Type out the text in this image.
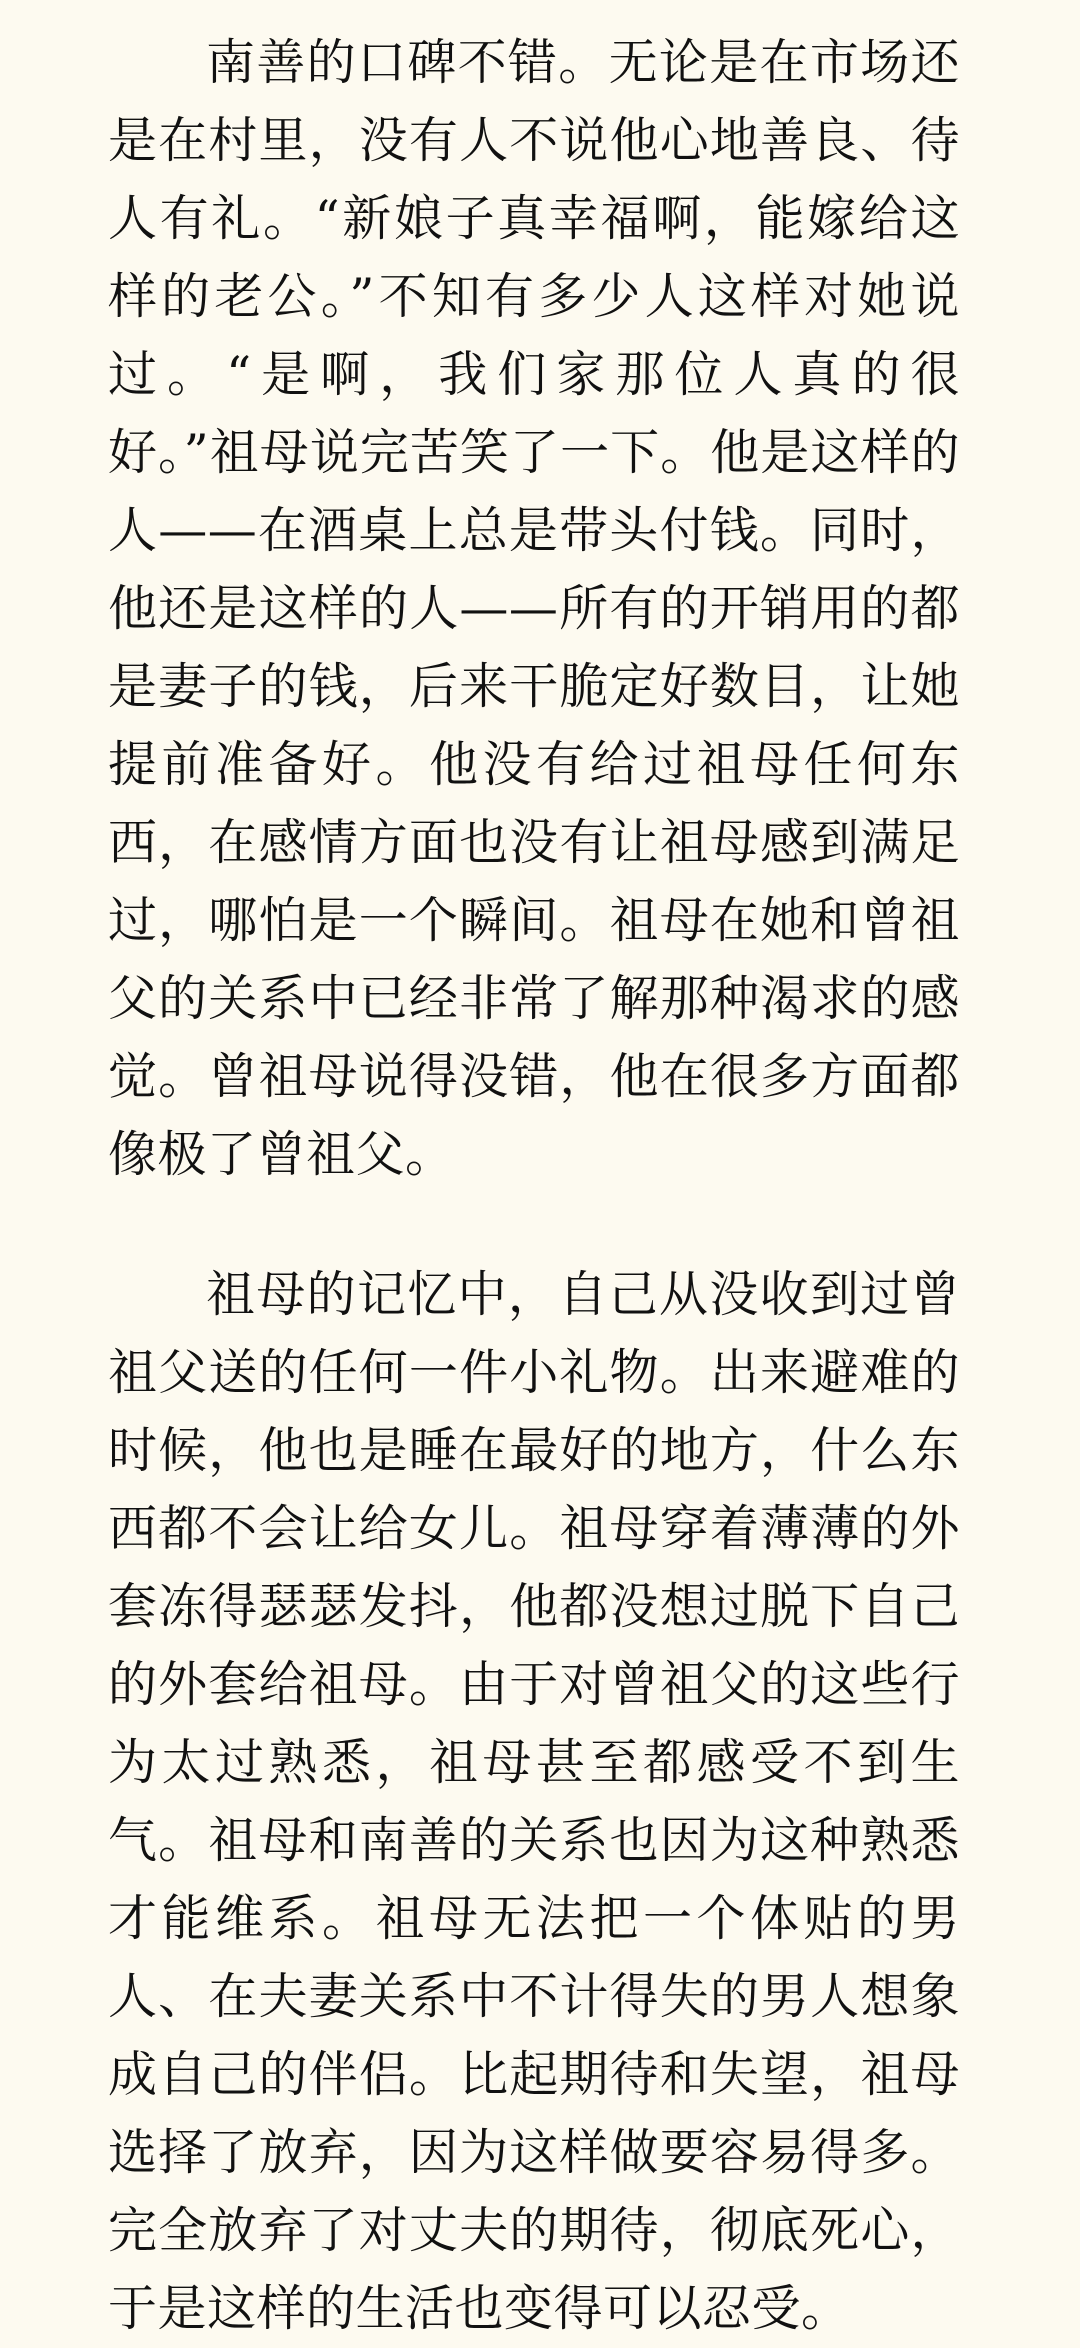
南善的口碑不错。无论是在市场还是在村里，没有人不说他心地善良、待人有礼。“新娘子真幸福啊，能嫁给这样的老公。”不知有多少人这样对她说过。“是啊，我们家那位人真的很好。”祖母说完苦笑了一下。他是这样的人——在酒桌上总是带头付钱。同时，他还是这样的人——所有的开销用的都是妻子的钱，后来干脆定好数目，让她提前准备好。他没有给过祖母任何东西，在感情方面也没有让祖母感到满足过，哪怕是一个瞬间。祖母在她和曾祖父的关系中已经非常了解那种渴求的感觉。曾祖母说得没错，他在很多方面都像极了曾祖父。

祖母的记忆中，自己从没收到过曾祖父送的任何一件小礼物。出来避难的时候，他也是睡在最好的地方，什么东西都不会让给女儿。祖母穿着薄薄的外套冻得瑟瑟发抖，他都没想过脱下自己的外套给祖母。由于对曾祖父的这些行为太过熟悉，祖母甚至都感受不到生气。祖母和南善的关系也因为这种熟悉才能维系。祖母无法把一个体贴的男人、在夫妻关系中不计得失的男人想象成自己的伴侣。比起期待和失望，祖母选择了放弃，因为这样做要容易得多。完全放弃了对丈夫的期待，彻底死心，于是这样的生活也变得可以忍受。
